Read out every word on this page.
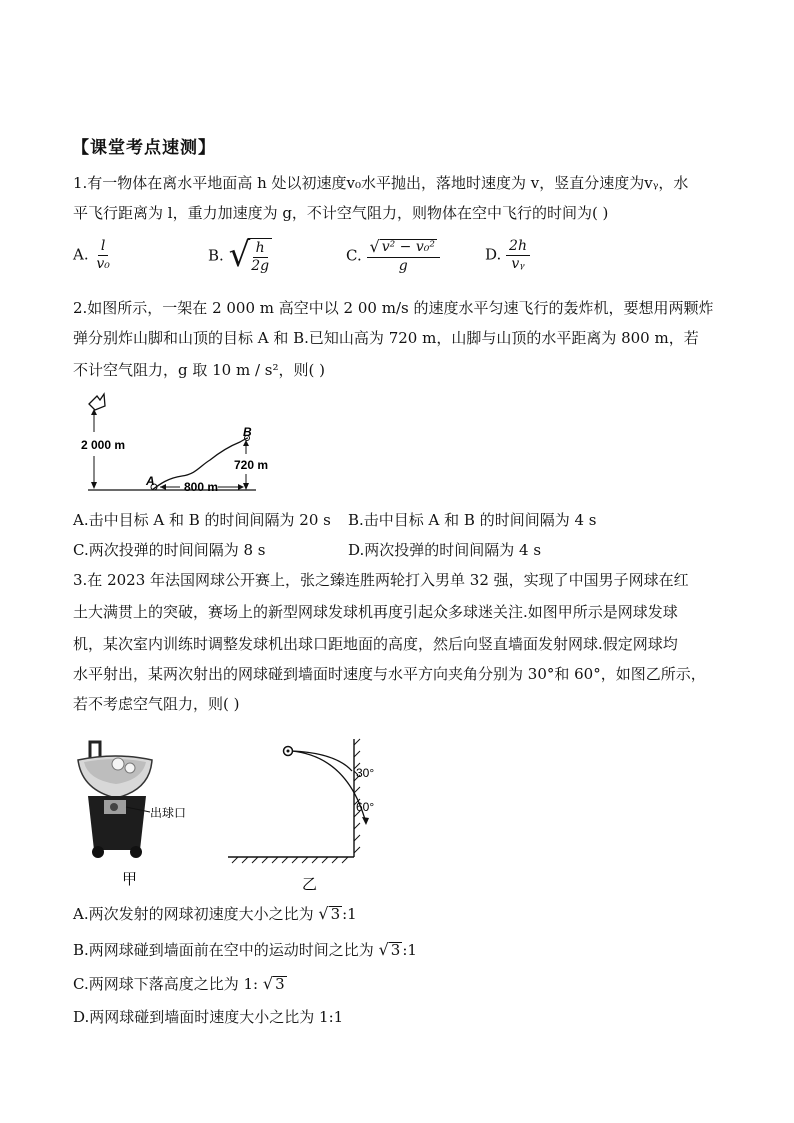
【课堂考点速测】
1.有一物体在离水平地面高 h 处以初速度v₀水平抛出，落地时速度为 v，竖直分速度为vᵧ，水
平飞行距离为 l，重力加速度为 g，不计空气阻力，则物体在空中飞行的时间为( )
A. $\frac{l}{\text{v₀}}$	B. √
$\frac{h}{2g}$	C. $\frac{\text{√ v² − v₀²}}{g}$	D. $\frac{2h}{\text{vᵧ}}$
2.如图所示，一架在 2 000 m 高空中以 2 00 m/s 的速度水平匀速飞行的轰炸机，要想用两颗炸
弹分别炸山脚和山顶的目标 A 和 B.已知山高为 720 m，山脚与山顶的水平距离为 800 m，若
不计空气阻力，g 取 10 m / s²，则( )
2 000 m
A
B
720 m
800 m
A.击中目标 A 和 B 的时间间隔为 20 s B.击中目标 A 和 B 的时间间隔为 4 s
C.两次投弹的时间间隔为 8 s	D.两次投弹的时间间隔为 4 s
3.在 2023 年法国网球公开赛上，张之臻连胜两轮打入男单 32 强，实现了中国男子网球在红
土大满贯上的突破，赛场上的新型网球发球机再度引起众多球迷关注.如图甲所示是网球发球
机，某次室内训练时调整发球机出球口距地面的高度，然后向竖直墙面发射网球.假定网球均
水平射出，某两次射出的网球碰到墙面时速度与水平方向夹角分别为 30°和 60°，如图乙所示，
若不考虑空气阻力，则( )
出球口
甲
30°
60°
乙
A.两次发射的网球初速度大小之比为 √ 3 :1
B.两网球碰到墙面前在空中的运动时间之比为 √ 3 :1
C.两网球下落高度之比为 1: √ 3
D.两网球碰到墙面时速度大小之比为 1:1
